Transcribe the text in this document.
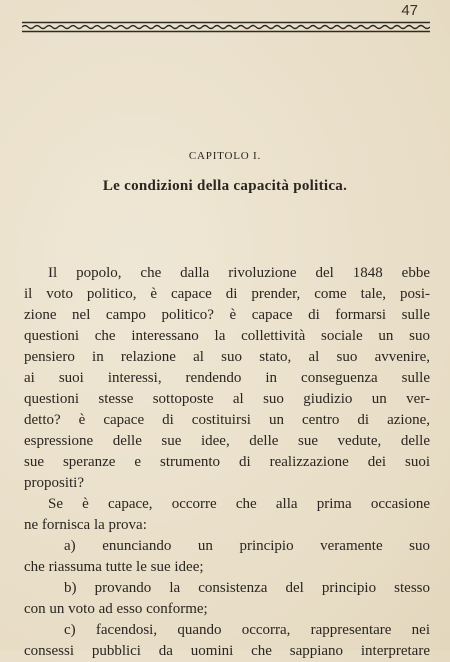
47
CAPITOLO I.
Le condizioni della capacità politica.
Il popolo, che dalla rivoluzione del 1848 ebbe
il voto politico, è capace di prender, come tale, posi-
zione nel campo politico? è capace di formarsi sulle
questioni che interessano la collettività sociale un suo
pensiero in relazione al suo stato, al suo avvenire,
ai suoi interessi, rendendo in conseguenza sulle
questioni stesse sottoposte al suo giudizio un ver-
detto? è capace di costituirsi un centro di azione,
espressione delle sue idee, delle sue vedute, delle
sue speranze e strumento di realizzazione dei suoi
propositi?
Se è capace, occorre che alla prima occasione
ne fornisca la prova:
a) enunciando un principio veramente suo
che riassuma tutte le sue idee;
b) provando la consistenza del principio stesso
con un voto ad esso conforme;
c) facendosi, quando occorra, rappresentare nei
consessi pubblici da uomini che sappiano interpretare
